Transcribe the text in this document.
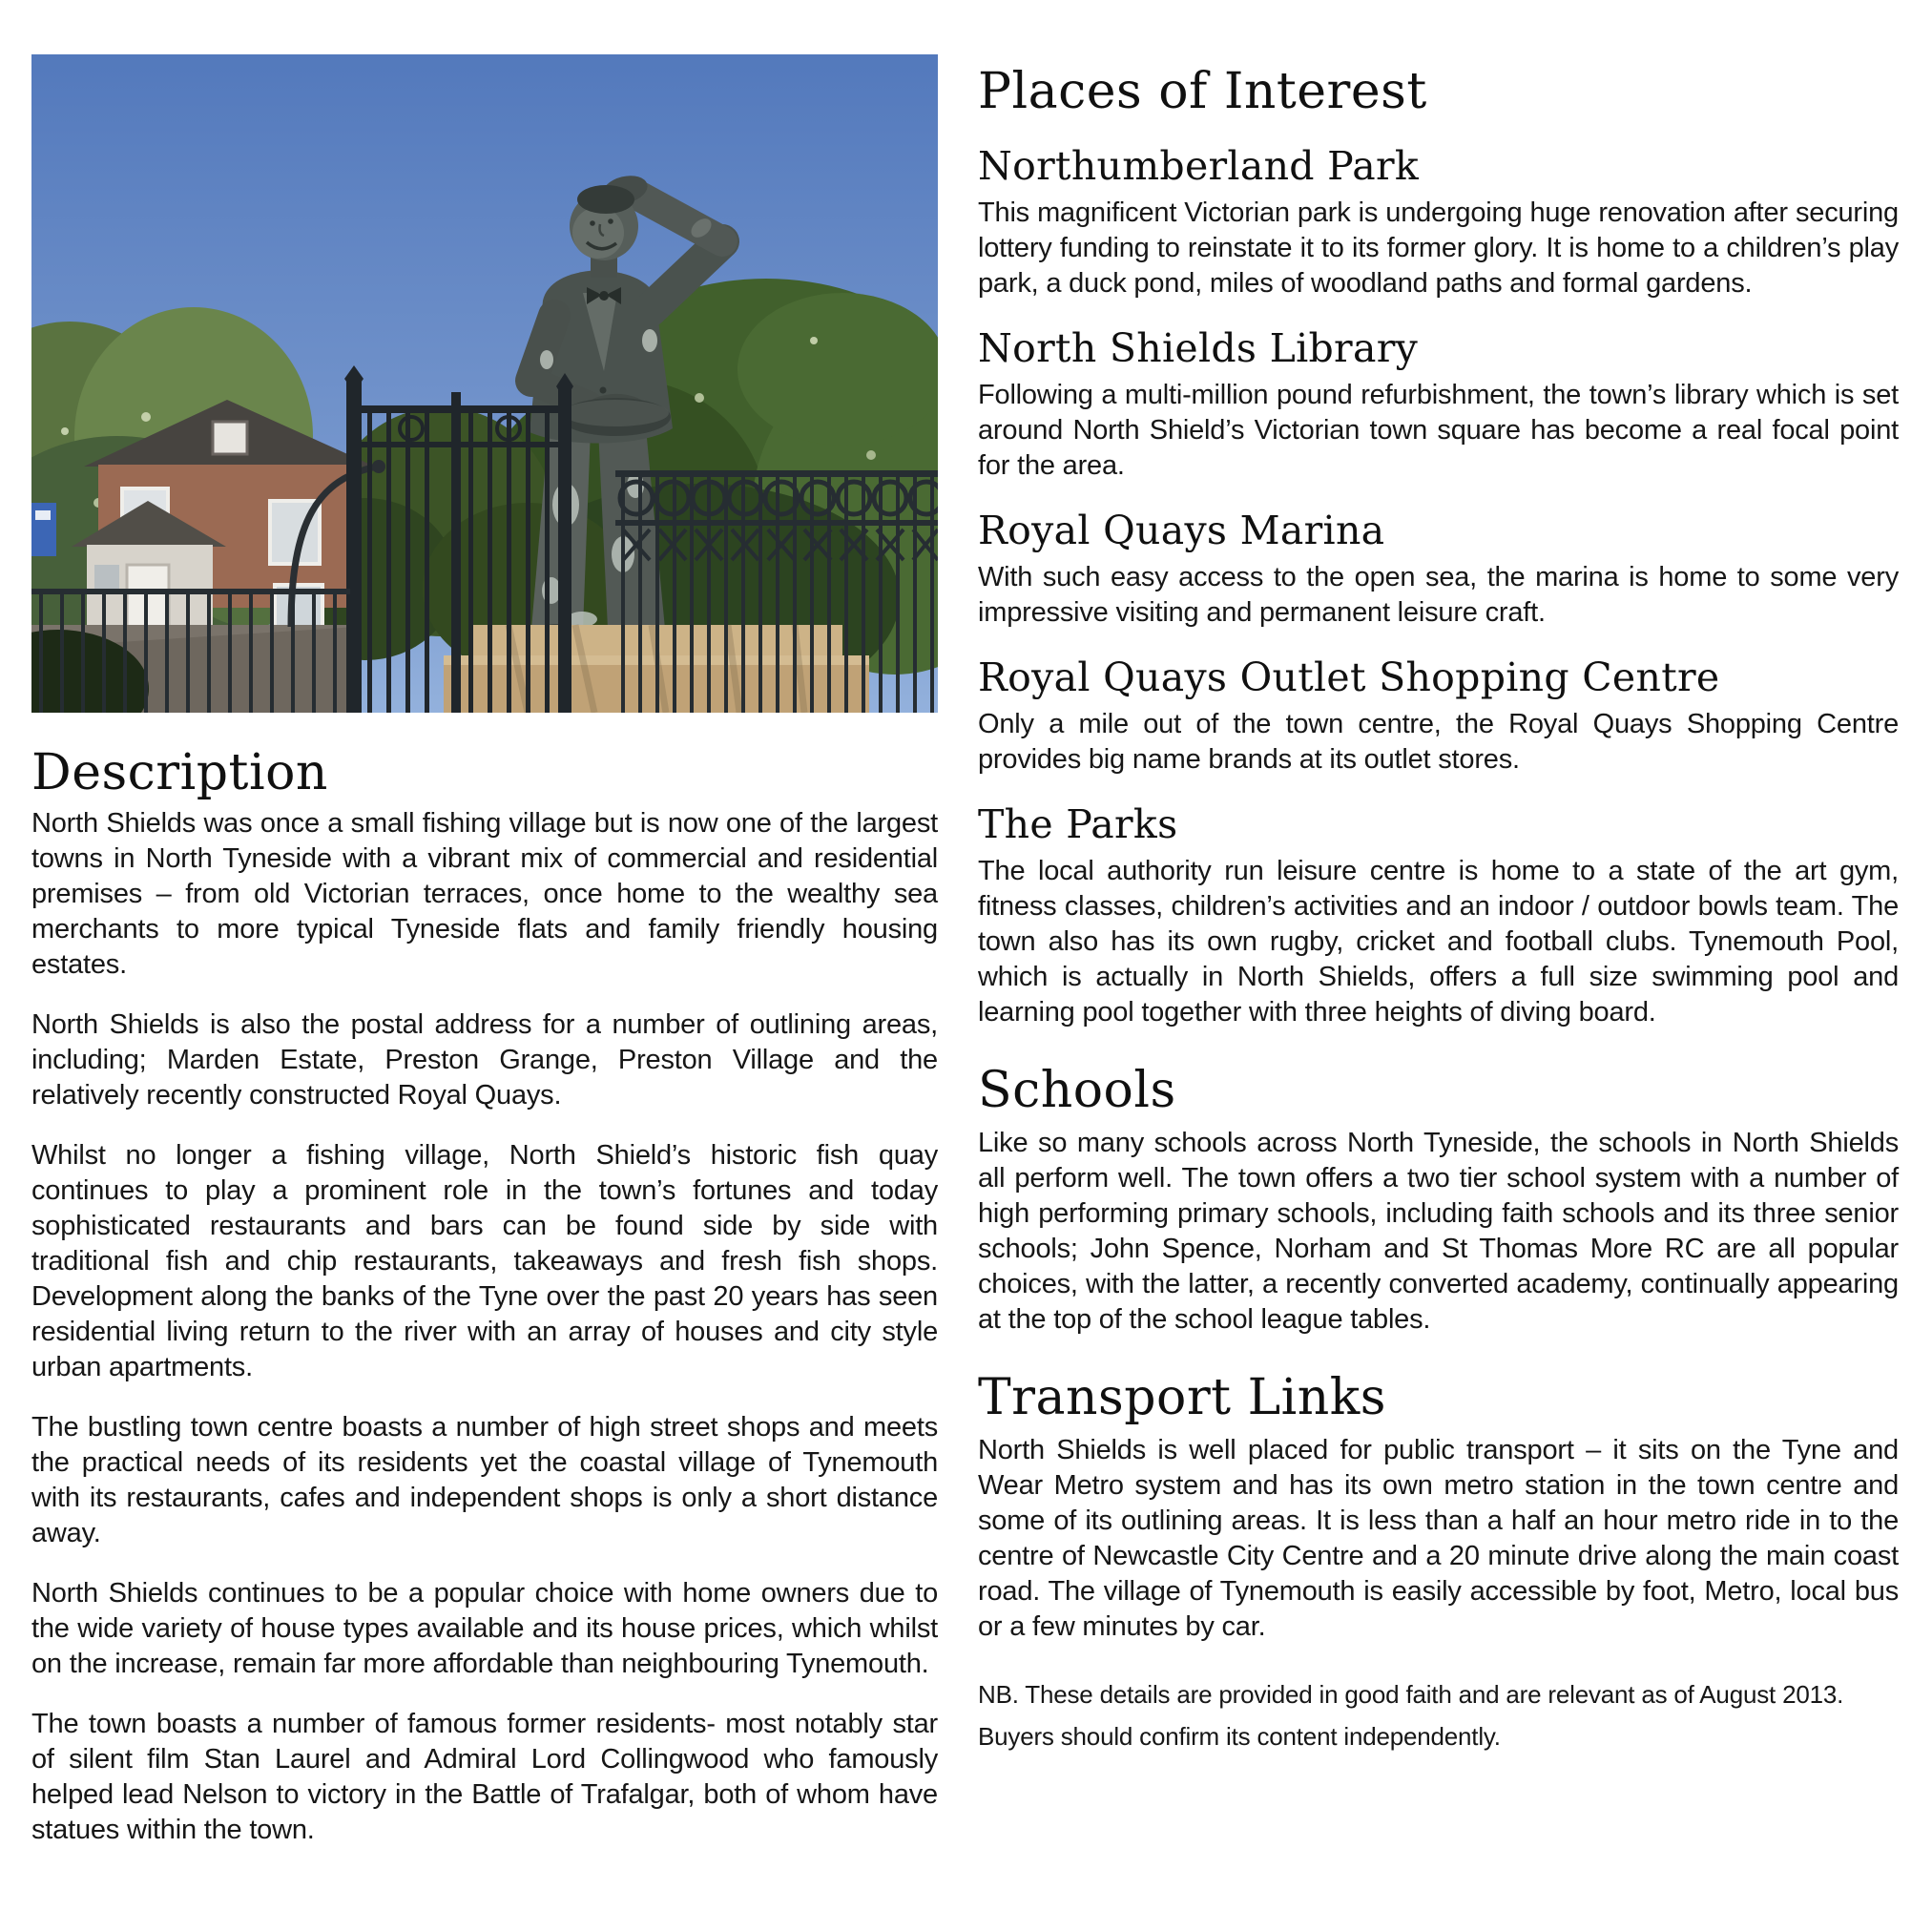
Description

North Shields was once a small fishing village but is now one of the largest towns in North Tyneside with a vibrant mix of commercial and residential premises – from old Victorian terraces, once home to the wealthy sea merchants to more typical Tyneside flats and family friendly housing estates.

North Shields is also the postal address for a number of outlining areas, including; Marden Estate, Preston Grange, Preston Village and the relatively recently constructed Royal Quays.

Whilst no longer a fishing village, North Shield’s historic fish quay continues to play a prominent role in the town’s fortunes and today sophisticated restaurants and bars can be found side by side with traditional fish and chip restaurants, takeaways and fresh fish shops. Development along the banks of the Tyne over the past 20 years has seen residential living return to the river with an array of houses and city style urban apartments.

The bustling town centre boasts a number of high street shops and meets the practical needs of its residents yet the coastal village of Tynemouth with its restaurants, cafes and independent shops is only a short distance away.

North Shields continues to be a popular choice with home owners due to the wide variety of house types available and its house prices, which whilst on the increase, remain far more affordable than neighbouring Tynemouth.

The town boasts a number of famous former residents- most notably star of silent film Stan Laurel and Admiral Lord Collingwood who famously helped lead Nelson to victory in the Battle of Trafalgar, both of whom have statues within the town.

Places of Interest
Northumberland Park

This magnificent Victorian park is undergoing huge renovation after securing lottery funding to reinstate it to its former glory. It is home to a children’s play park, a duck pond, miles of woodland paths and formal gardens.

North Shields Library

Following a multi-million pound refurbishment, the town’s library which is set around North Shield’s Victorian town square has become a real focal point for the area.

Royal Quays Marina

With such easy access to the open sea, the marina is home to some very impressive visiting and permanent leisure craft.

Royal Quays Outlet Shopping Centre

Only a mile out of the town centre, the Royal Quays Shopping Centre provides big name brands at its outlet stores.

The Parks

The local authority run leisure centre is home to a state of the art gym, fitness classes, children’s activities and an indoor / outdoor bowls team. The town also has its own rugby, cricket and football clubs. Tynemouth Pool, which is actually in North Shields, offers a full size swimming pool and learning pool together with three heights of diving board.

Schools

Like so many schools across North Tyneside, the schools in North Shields all perform well. The town offers a two tier school system with a number of high performing primary schools, including faith schools and its three senior schools; John Spence, Norham and St Thomas More RC are all popular choices, with the latter, a recently converted academy, continually appearing at the top of the school league tables.

Transport Links

North Shields is well placed for public transport – it sits on the Tyne and Wear Metro system and has its own metro station in the town centre and some of its outlining areas. It is less than a half an hour metro ride in to the centre of Newcastle City Centre and a 20 minute drive along the main coast road. The village of Tynemouth is easily accessible by foot, Metro, local bus or a few minutes by car.

NB. These details are provided in good faith and are relevant as of August 2013.
Buyers should confirm its content independently.
